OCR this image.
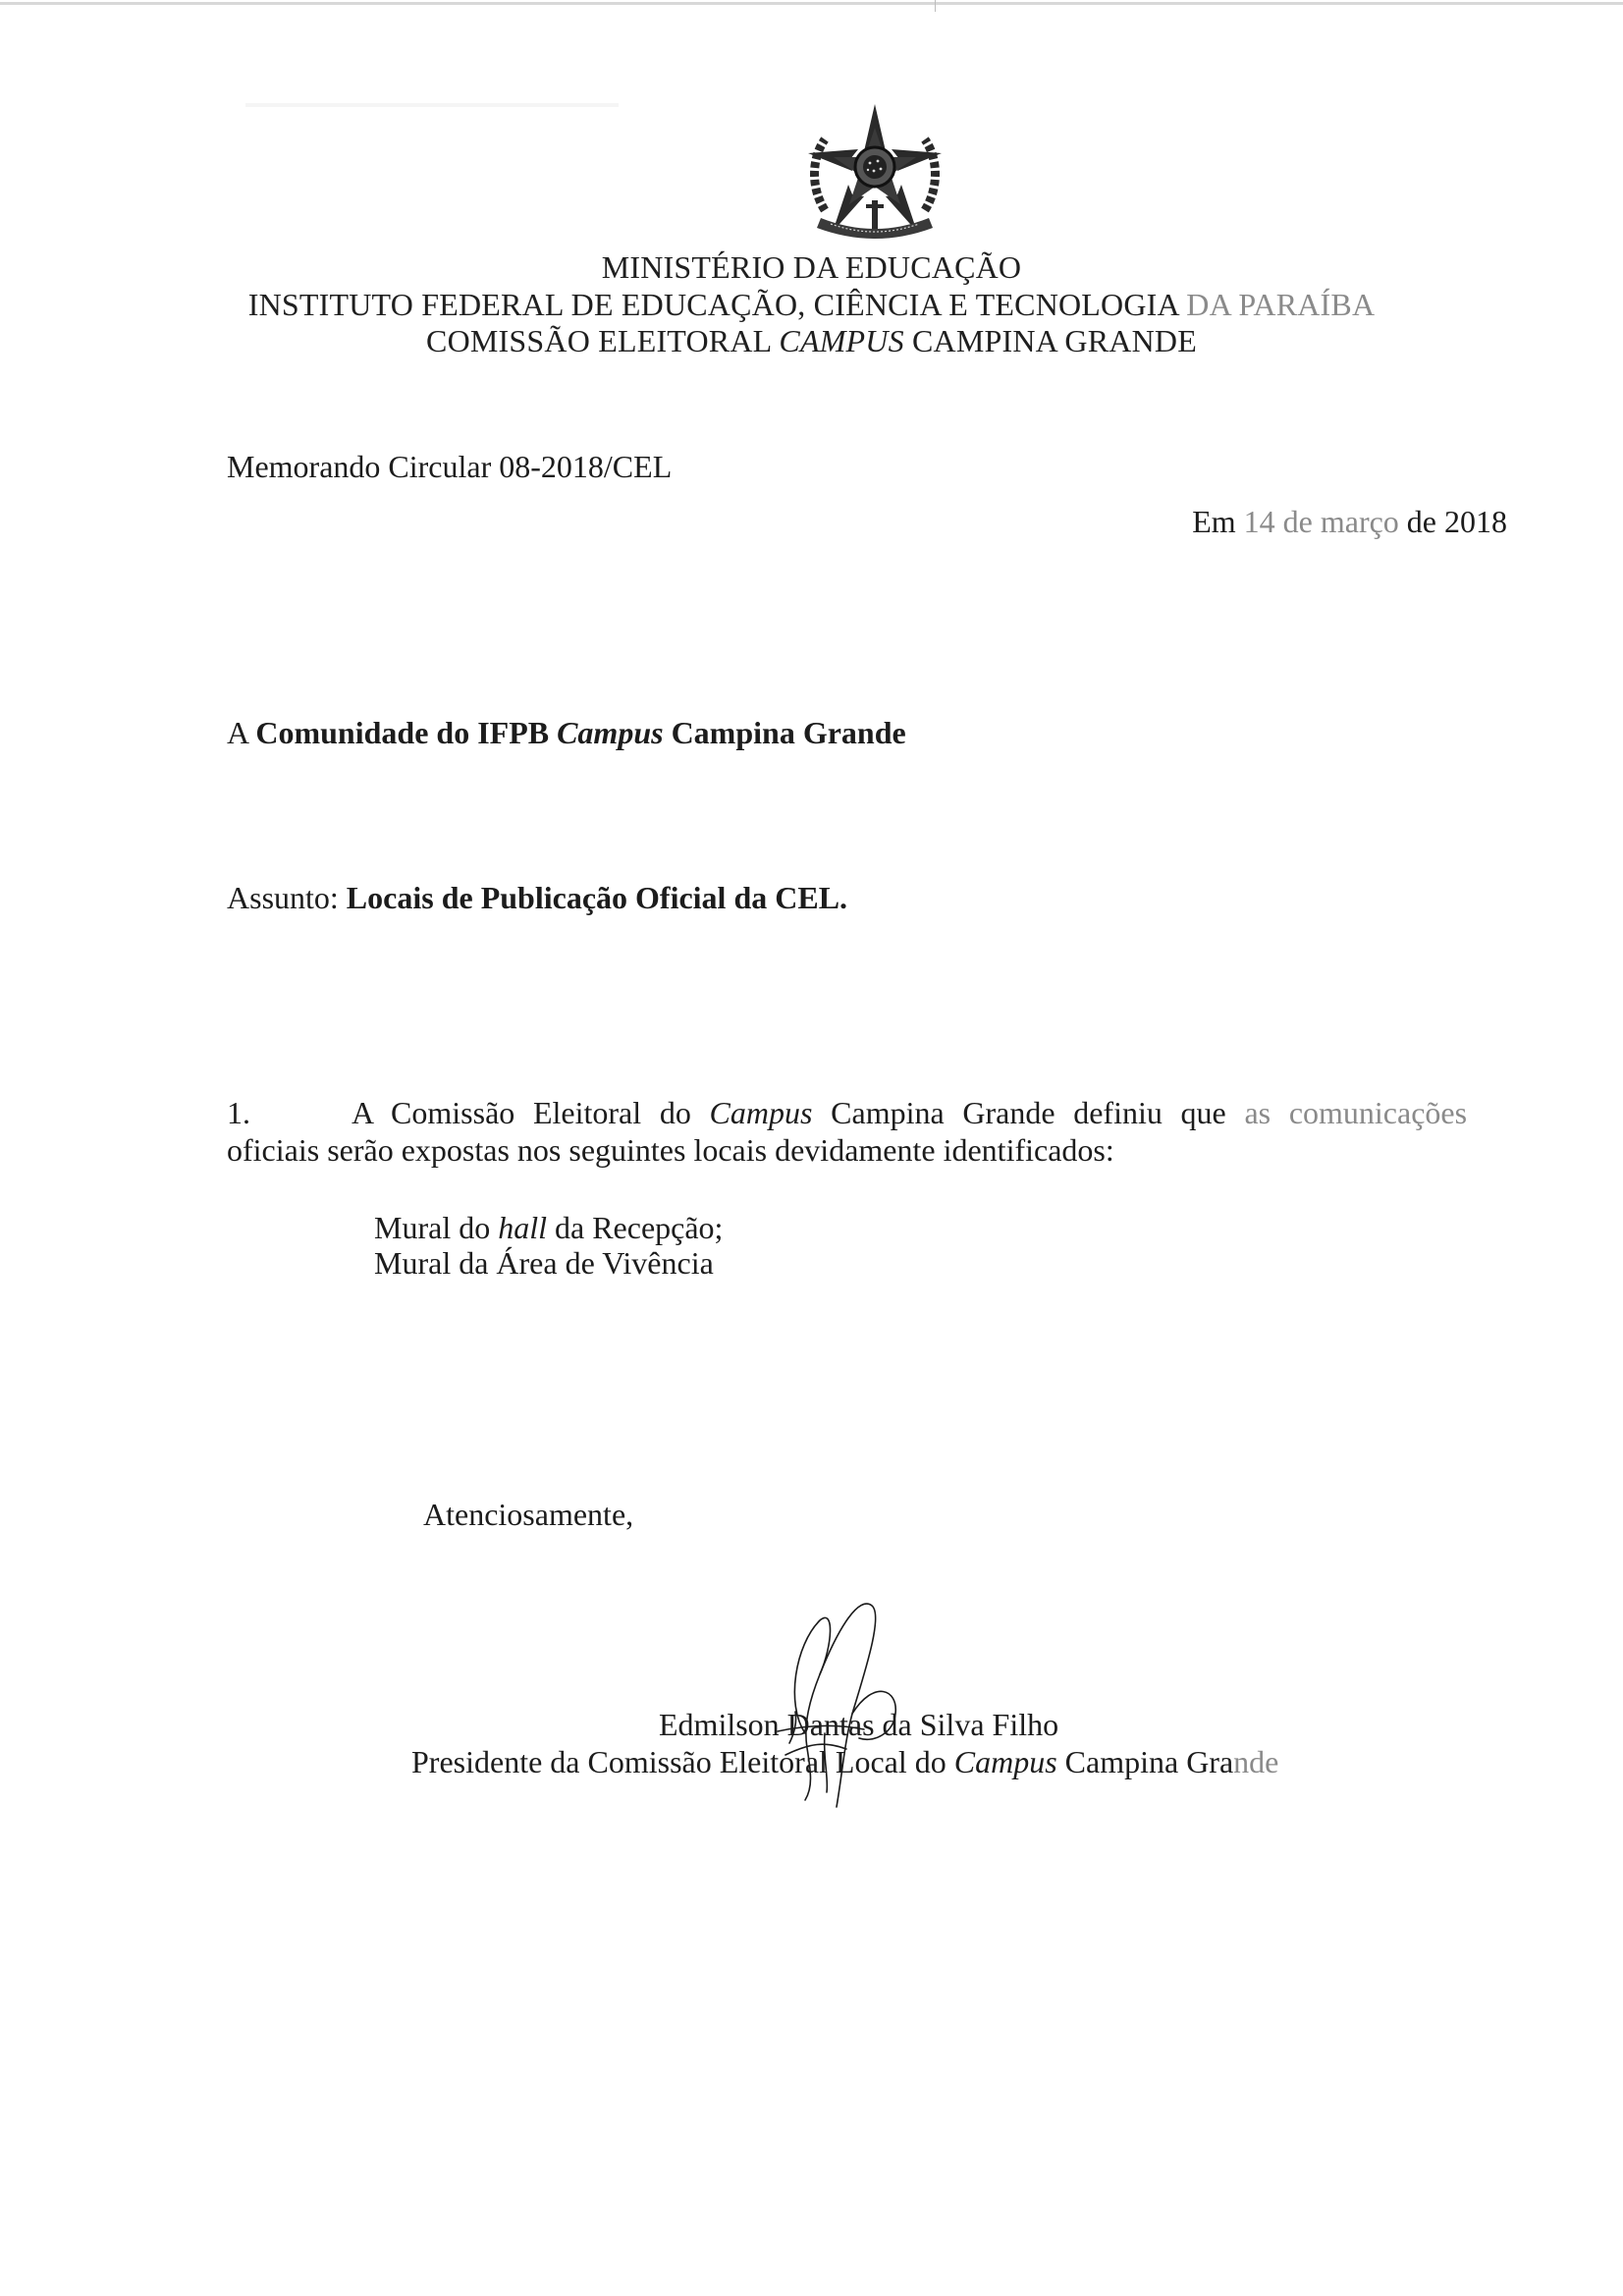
MINISTÉRIO DA EDUCAÇÃO
INSTITUTO FEDERAL DE EDUCAÇÃO, CIÊNCIA E TECNOLOGIA DA PARAÍBA
COMISSÃO ELEITORAL CAMPUS CAMPINA GRANDE
Memorando Circular 08-2018/CEL
Em 14 de março de 2018
A Comunidade do IFPB Campus Campina Grande
Assunto: Locais de Publicação Oficial da CEL.
1.	A Comissão Eleitoral do Campus Campina Grande definiu que as comunicações
oficiais serão expostas nos seguintes locais devidamente identificados:
Mural do hall da Recepção;
Mural da Área de Vivência
Atenciosamente,
Edmilson Dantas da Silva Filho
Presidente da Comissão Eleitoral Local do Campus Campina Grande
